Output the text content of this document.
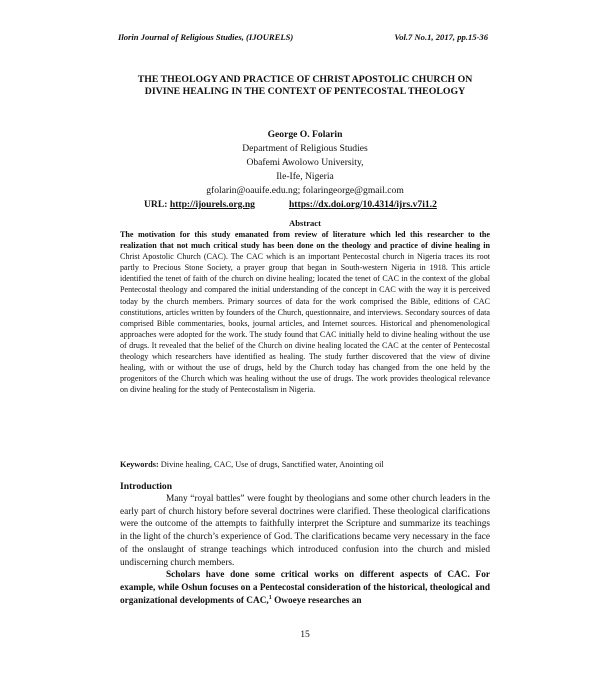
Ilorin Journal of Religious Studies, (IJOURELS)	Vol.7 No.1, 2017, pp.15-36
THE THEOLOGY AND PRACTICE OF CHRIST APOSTOLIC CHURCH ON DIVINE HEALING IN THE CONTEXT OF PENTECOSTAL THEOLOGY
George O. Folarin
Department of Religious Studies
Obafemi Awolowo University,
Ile-Ife, Nigeria
gfolarin@oauife.edu.ng; folaringeorge@gmail.com
URL: http://ijourels.org.ng	https://dx.doi.org/10.4314/ijrs.v7i1.2
Abstract
The motivation for this study emanated from review of literature which led this researcher to the realization that not much critical study has been done on the theology and practice of divine healing in Christ Apostolic Church (CAC). The CAC which is an important Pentecostal church in Nigeria traces its root partly to Precious Stone Society, a prayer group that began in South-western Nigeria in 1918. This article identified the tenet of faith of the church on divine healing; located the tenet of CAC in the context of the global Pentecostal theology and compared the initial understanding of the concept in CAC with the way it is perceived today by the church members. Primary sources of data for the work comprised the Bible, editions of CAC constitutions, articles written by founders of the Church, questionnaire, and interviews. Secondary sources of data comprised Bible commentaries, books, journal articles, and Internet sources. Historical and phenomenological approaches were adopted for the work. The study found that CAC initially held to divine healing without the use of drugs. It revealed that the belief of the Church on divine healing located the CAC at the center of Pentecostal theology which researchers have identified as healing. The study further discovered that the view of divine healing, with or without the use of drugs, held by the Church today has changed from the one held by the progenitors of the Church which was healing without the use of drugs. The work provides theological relevance on divine healing for the study of Pentecostalism in Nigeria.
Keywords: Divine healing, CAC, Use of drugs, Sanctified water, Anointing oil
Introduction

Many “royal battles” were fought by theologians and some other church leaders in the early part of church history before several doctrines were clarified. These theological clarifications were the outcome of the attempts to faithfully interpret the Scripture and summarize its teachings in the light of the church’s experience of God. The clarifications became very necessary in the face of the onslaught of strange teachings which introduced confusion into the church and misled undiscerning church members.

Scholars have done some critical works on different aspects of CAC. For example, while Oshun focuses on a Pentecostal consideration of the historical, theological and organizational developments of CAC,$^1$ Owoeye researches an

15
